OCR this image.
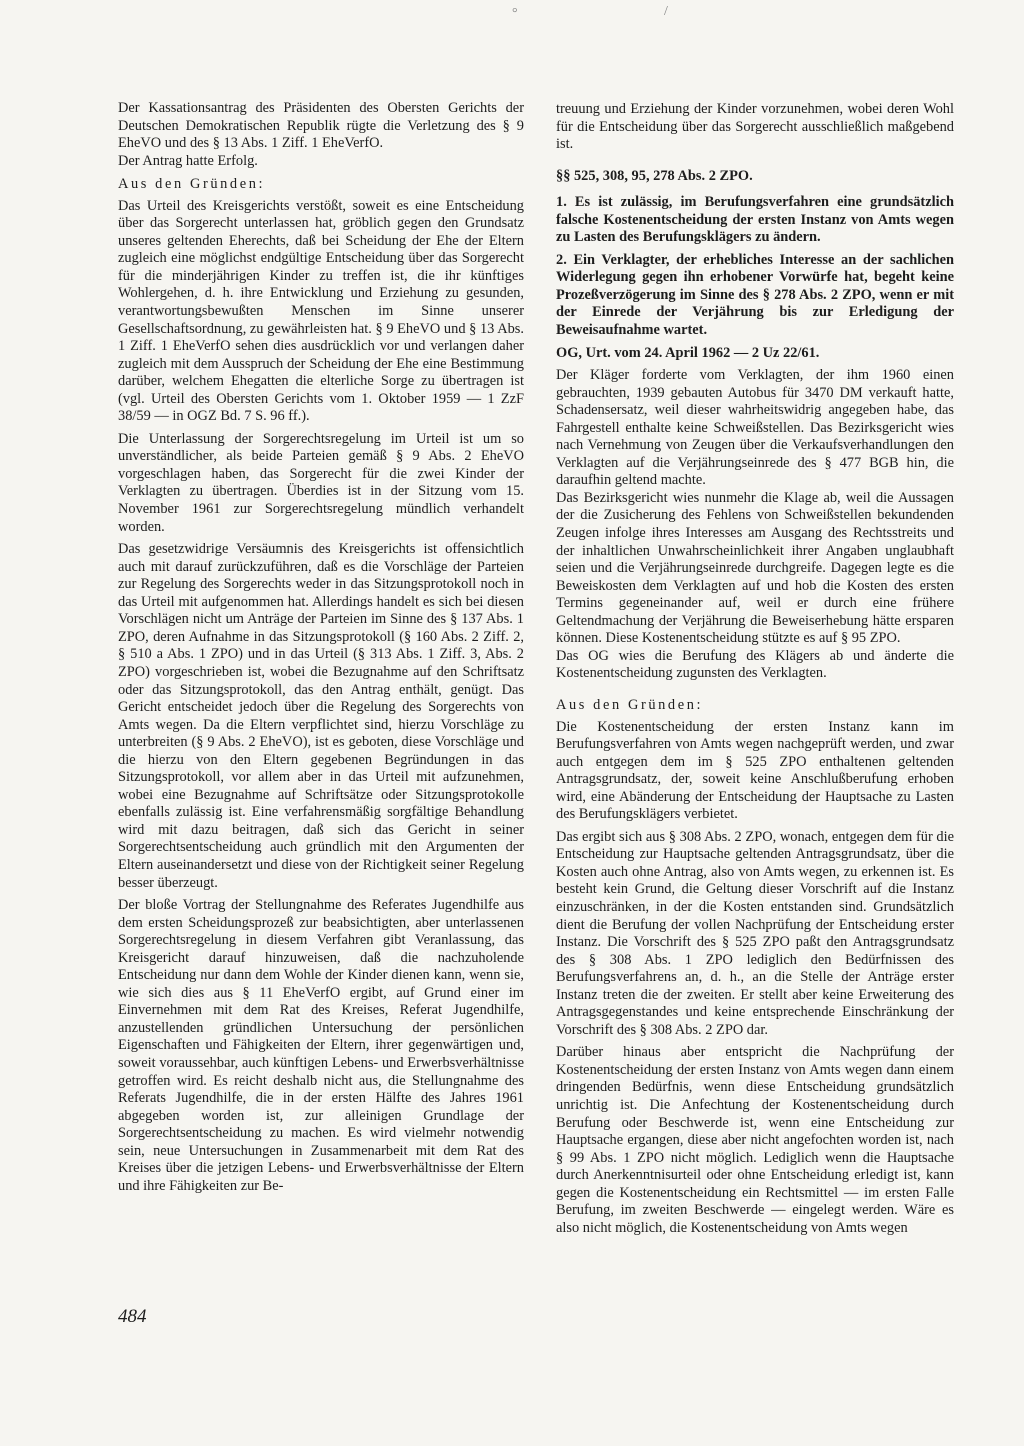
°	/

Der Kassationsantrag des Präsidenten des Obersten Gerichts der Deutschen Demokratischen Republik rügte die Verletzung des § 9 EheVO und des § 13 Abs. 1 Ziff. 1 EheVerfO.

Der Antrag hatte Erfolg.

Aus den Gründen:

Das Urteil des Kreisgerichts verstößt, soweit es eine Entscheidung über das Sorgerecht unterlassen hat, gröblich gegen den Grundsatz unseres geltenden Eherechts, daß bei Scheidung der Ehe der Eltern zugleich eine möglichst endgültige Entscheidung über das Sorgerecht für die minderjährigen Kinder zu treffen ist, die ihr künftiges Wohlergehen, d. h. ihre Entwicklung und Erziehung zu gesunden, verantwortungsbewußten Menschen im Sinne unserer Gesellschaftsordnung, zu gewährleisten hat. § 9 EheVO und § 13 Abs. 1 Ziff. 1 EheVerfO sehen dies ausdrücklich vor und verlangen daher zugleich mit dem Ausspruch der Scheidung der Ehe eine Bestimmung darüber, welchem Ehegatten die elterliche Sorge zu übertragen ist (vgl. Urteil des Obersten Gerichts vom 1. Oktober 1959 — 1 ZzF 38/59 — in OGZ Bd. 7 S. 96 ff.).

Die Unterlassung der Sorgerechtsregelung im Urteil ist um so unverständlicher, als beide Parteien gemäß § 9 Abs. 2 EheVO vorgeschlagen haben, das Sorgerecht für die zwei Kinder der Verklagten zu übertragen. Überdies ist in der Sitzung vom 15. November 1961 zur Sorgerechtsregelung mündlich verhandelt worden.

Das gesetzwidrige Versäumnis des Kreisgerichts ist offensichtlich auch mit darauf zurückzuführen, daß es die Vorschläge der Parteien zur Regelung des Sorgerechts weder in das Sitzungsprotokoll noch in das Urteil mit aufgenommen hat. Allerdings handelt es sich bei diesen Vorschlägen nicht um Anträge der Parteien im Sinne des § 137 Abs. 1 ZPO, deren Aufnahme in das Sitzungsprotokoll (§ 160 Abs. 2 Ziff. 2, § 510 a Abs. 1 ZPO) und in das Urteil (§ 313 Abs. 1 Ziff. 3, Abs. 2 ZPO) vorgeschrieben ist, wobei die Bezugnahme auf den Schriftsatz oder das Sitzungsprotokoll, das den Antrag enthält, genügt. Das Gericht entscheidet jedoch über die Regelung des Sorgerechts von Amts wegen. Da die Eltern verpflichtet sind, hierzu Vorschläge zu unterbreiten (§ 9 Abs. 2 EheVO), ist es geboten, diese Vorschläge und die hierzu von den Eltern gegebenen Begründungen in das Sitzungsprotokoll, vor allem aber in das Urteil mit aufzunehmen, wobei eine Bezugnahme auf Schriftsätze oder Sitzungsprotokolle ebenfalls zulässig ist. Eine verfahrensmäßig sorgfältige Behandlung wird mit dazu beitragen, daß sich das Gericht in seiner Sorgerechtsentscheidung auch gründlich mit den Argumenten der Eltern auseinandersetzt und diese von der Richtigkeit seiner Regelung besser überzeugt.

Der bloße Vortrag der Stellungnahme des Referates Jugendhilfe aus dem ersten Scheidungsprozeß zur beabsichtigten, aber unterlassenen Sorgerechtsregelung in diesem Verfahren gibt Veranlassung, das Kreisgericht darauf hinzuweisen, daß die nachzuholende Entscheidung nur dann dem Wohle der Kinder dienen kann, wenn sie, wie sich dies aus § 11 EheVerfO ergibt, auf Grund einer im Einvernehmen mit dem Rat des Kreises, Referat Jugendhilfe, anzustellenden gründlichen Untersuchung der persönlichen Eigenschaften und Fähigkeiten der Eltern, ihrer gegenwärtigen und, soweit voraussehbar, auch künftigen Lebens- und Erwerbsverhältnisse getroffen wird. Es reicht deshalb nicht aus, die Stellungnahme des Referats Jugendhilfe, die in der ersten Hälfte des Jahres 1961 abgegeben worden ist, zur alleinigen Grundlage der Sorgerechtsentscheidung zu machen. Es wird vielmehr notwendig sein, neue Untersuchungen in Zusammenarbeit mit dem Rat des Kreises über die jetzigen Lebens- und Erwerbsverhältnisse der Eltern und ihre Fähigkeiten zur Be-

treuung und Erziehung der Kinder vorzunehmen, wobei deren Wohl für die Entscheidung über das Sorgerecht ausschließlich maßgebend ist.

§§ 525, 308, 95, 278 Abs. 2 ZPO.

1. Es ist zulässig, im Berufungsverfahren eine grundsätzlich falsche Kostenentscheidung der ersten Instanz von Amts wegen zu Lasten des Berufungsklägers zu ändern.

2. Ein Verklagter, der erhebliches Interesse an der sachlichen Widerlegung gegen ihn erhobener Vorwürfe hat, begeht keine Prozeßverzögerung im Sinne des § 278 Abs. 2 ZPO, wenn er mit der Einrede der Verjährung bis zur Erledigung der Beweisaufnahme wartet.

OG, Urt. vom 24. April 1962 — 2 Uz 22/61.

Der Kläger forderte vom Verklagten, der ihm 1960 einen gebrauchten, 1939 gebauten Autobus für 3470 DM verkauft hatte, Schadensersatz, weil dieser wahrheitswidrig angegeben habe, das Fahrgestell enthalte keine Schweißstellen. Das Bezirksgericht wies nach Vernehmung von Zeugen über die Verkaufsverhandlungen den Verklagten auf die Verjährungseinrede des § 477 BGB hin, die daraufhin geltend machte.

Das Bezirksgericht wies nunmehr die Klage ab, weil die Aussagen der die Zusicherung des Fehlens von Schweißstellen bekundenden Zeugen infolge ihres Interesses am Ausgang des Rechtsstreits und der inhaltlichen Unwahrscheinlichkeit ihrer Angaben unglaubhaft seien und die Verjährungseinrede durchgreife. Dagegen legte es die Beweiskosten dem Verklagten auf und hob die Kosten des ersten Termins gegeneinander auf, weil er durch eine frühere Geltendmachung der Verjährung die Beweiserhebung hätte ersparen können. Diese Kostenentscheidung stützte es auf § 95 ZPO.

Das OG wies die Berufung des Klägers ab und änderte die Kostenentscheidung zugunsten des Verklagten.

Aus den Gründen:

Die Kostenentscheidung der ersten Instanz kann im Berufungsverfahren von Amts wegen nachgeprüft werden, und zwar auch entgegen dem im § 525 ZPO enthaltenen geltenden Antragsgrundsatz, der, soweit keine Anschlußberufung erhoben wird, eine Abänderung der Entscheidung der Hauptsache zu Lasten des Berufungsklägers verbietet.

Das ergibt sich aus § 308 Abs. 2 ZPO, wonach, entgegen dem für die Entscheidung zur Hauptsache geltenden Antragsgrundsatz, über die Kosten auch ohne Antrag, also von Amts wegen, zu erkennen ist. Es besteht kein Grund, die Geltung dieser Vorschrift auf die Instanz einzuschränken, in der die Kosten entstanden sind. Grundsätzlich dient die Berufung der vollen Nachprüfung der Entscheidung erster Instanz. Die Vorschrift des § 525 ZPO paßt den Antragsgrundsatz des § 308 Abs. 1 ZPO lediglich den Bedürfnissen des Berufungsverfahrens an, d. h., an die Stelle der Anträge erster Instanz treten die der zweiten. Er stellt aber keine Erweiterung des Antragsgegenstandes und keine entsprechende Einschränkung der Vorschrift des § 308 Abs. 2 ZPO dar.

Darüber hinaus aber entspricht die Nachprüfung der Kostenentscheidung der ersten Instanz von Amts wegen dann einem dringenden Bedürfnis, wenn diese Entscheidung grundsätzlich unrichtig ist. Die Anfechtung der Kostenentscheidung durch Berufung oder Beschwerde ist, wenn eine Entscheidung zur Hauptsache ergangen, diese aber nicht angefochten worden ist, nach § 99 Abs. 1 ZPO nicht möglich. Lediglich wenn die Hauptsache durch Anerkenntnisurteil oder ohne Entscheidung erledigt ist, kann gegen die Kostenentscheidung ein Rechtsmittel — im ersten Falle Berufung, im zweiten Beschwerde — eingelegt werden. Wäre es also nicht möglich, die Kostenentscheidung von Amts wegen

484
